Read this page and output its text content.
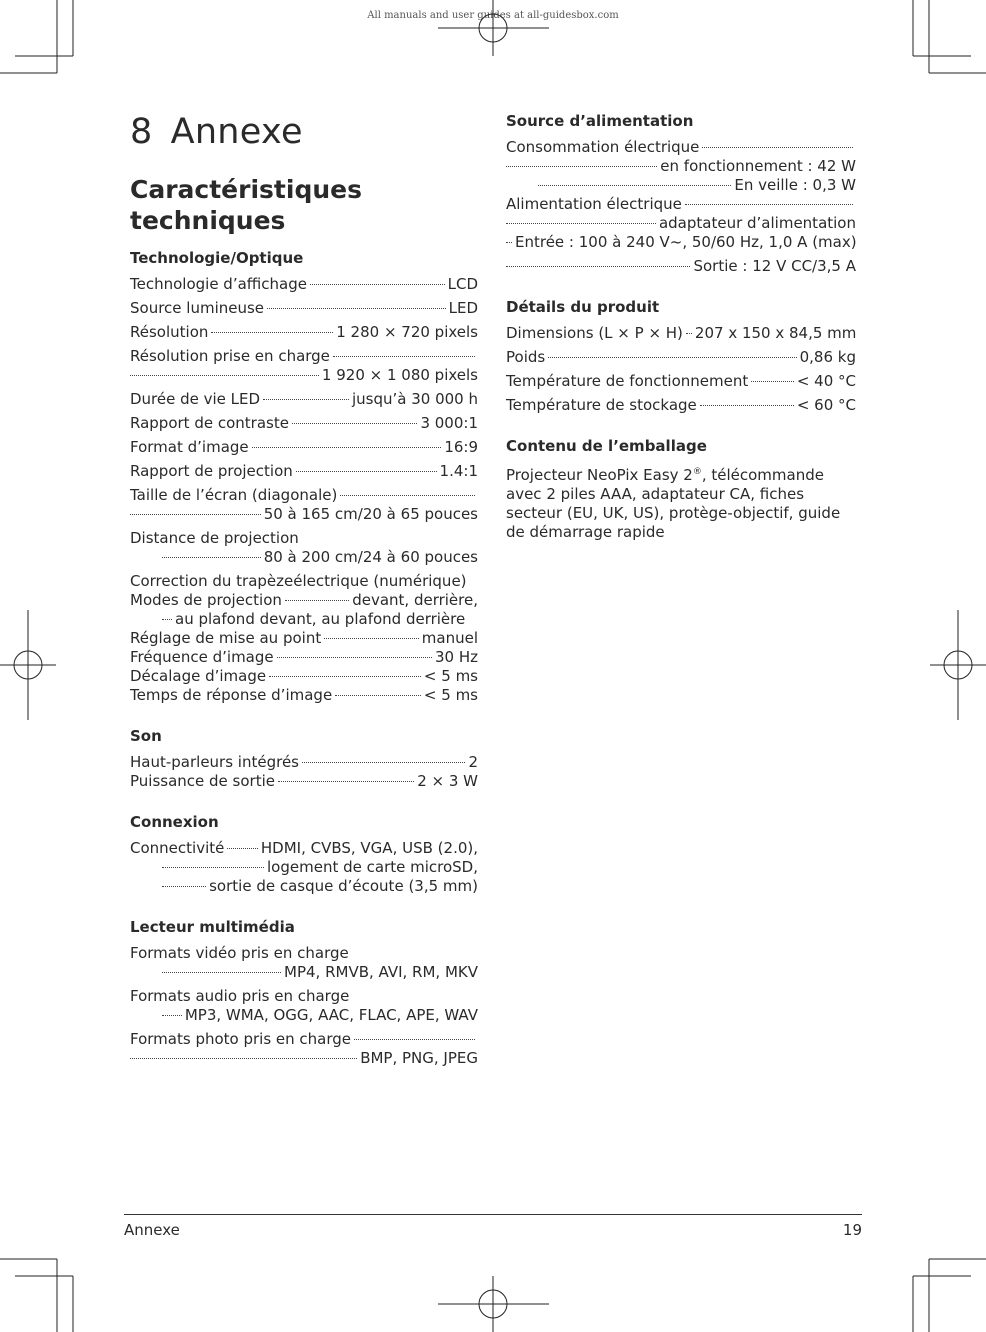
All manuals and user guides at all-guidesbox.com
8 Annexe
Caractéristiques techniques
Technologie/Optique
Technologie d’affichage	LCD
Source lumineuse	LED
Résolution	1 280 × 720 pixels
Résolution prise en charge
1 920 × 1 080 pixels
Durée de vie LED	jusqu’à 30 000 h
Rapport de contraste	3 000:1
Format d’image	16:9
Rapport de projection	1.4:1
Taille de l’écran (diagonale)
50 à 165 cm/20 à 65 pouces
Distance de projection
80 à 200 cm/24 à 60 pouces
Correction du trapèzeélectrique (numérique)
Modes de projection	devant, derrière,
au plafond devant, au plafond derrière
Réglage de mise au point	manuel
Fréquence d’image	30 Hz
Décalage d’image	< 5 ms
Temps de réponse d’image	< 5 ms
Son
Haut-parleurs intégrés	2
Puissance de sortie	2 × 3 W
Connexion
Connectivité HDMI, CVBS, VGA, USB (2.0),
logement de carte microSD,
sortie de casque d’écoute (3,5 mm)
Lecteur multimédia
Formats vidéo pris en charge
MP4, RMVB, AVI, RM, MKV
Formats audio pris en charge
MP3, WMA, OGG, AAC, FLAC, APE, WAV
Formats photo pris en charge
BMP, PNG, JPEG
Source d’alimentation
Consommation électrique
en fonctionnement : 42 W
En veille : 0,3 W
Alimentation électrique
adaptateur d’alimentation
Entrée : 100 à 240 V~, 50/60 Hz, 1,0 A (max)
Sortie : 12 V CC/3,5 A
Détails du produit
Dimensions (L × P × H) 207 x 150 x 84,5 mm
Poids	0,86 kg
Température de fonctionnement	< 40 °C
Température de stockage	< 60 °C
Contenu de l’emballage
Projecteur NeoPix Easy 2®, télécommande avec 2 piles AAA, adaptateur CA, fiches secteur (EU, UK, US), protège-objectif, guide de démarrage rapide
Annexe	19
